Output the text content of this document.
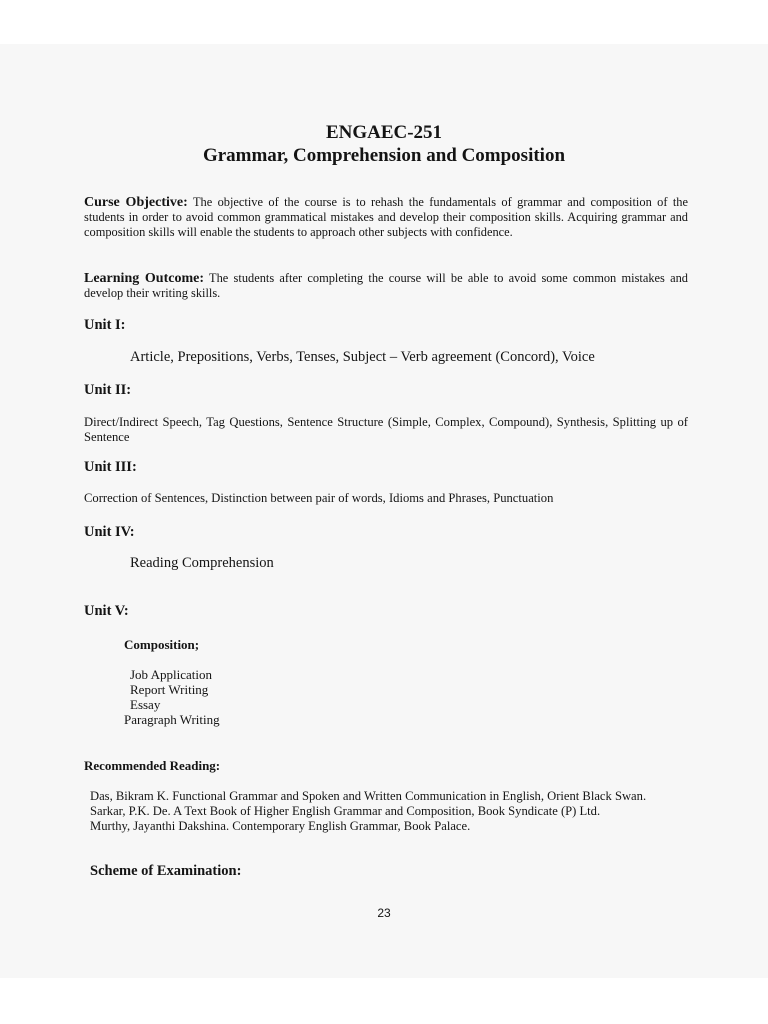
ENGAEC-251
Grammar, Comprehension and Composition
Curse Objective: The objective of the course is to rehash the fundamentals of grammar and composition of the students in order to avoid common grammatical mistakes and develop their composition skills. Acquiring grammar and composition skills will enable the students to approach other subjects with confidence.
Learning Outcome: The students after completing the course will be able to avoid some common mistakes and develop their writing skills.
Unit I:
Article, Prepositions, Verbs, Tenses, Subject – Verb agreement (Concord), Voice
Unit II:
Direct/Indirect Speech, Tag Questions, Sentence Structure (Simple, Complex, Compound), Synthesis, Splitting up of Sentence
Unit III:
Correction of Sentences, Distinction between pair of words, Idioms and Phrases, Punctuation
Unit IV:
Reading Comprehension
Unit V:
Composition;
Job Application
Report Writing
Essay
Paragraph Writing
Recommended Reading:
Das, Bikram K. Functional Grammar and Spoken and Written Communication in English, Orient Black Swan.
Sarkar, P.K. De. A Text Book of Higher English Grammar and Composition, Book Syndicate (P) Ltd.
Murthy, Jayanthi Dakshina. Contemporary English Grammar, Book Palace.
Scheme of Examination:
23
